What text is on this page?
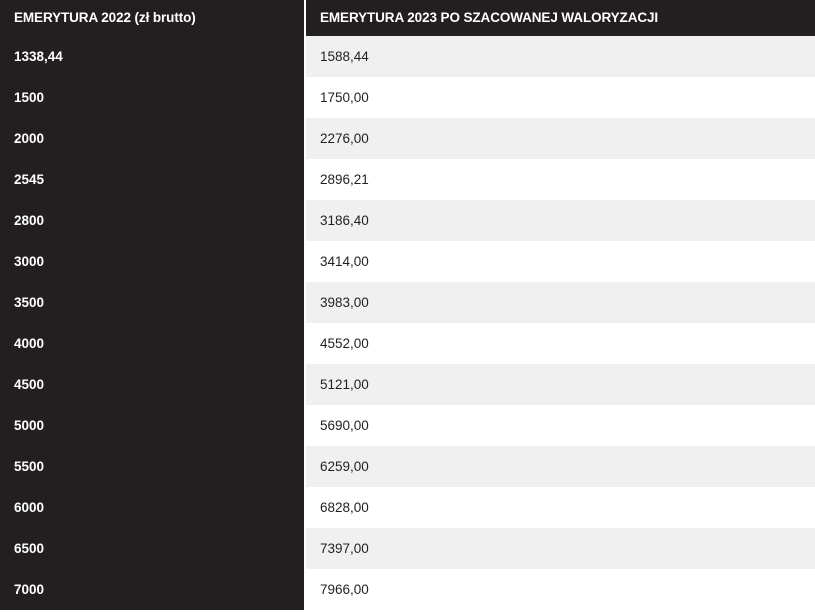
EMERYTURA 2022 (zł brutto)	EMERYTURA 2023 PO SZACOWANEJ WALORYZACJI
1338,44	1588,44
1500	1750,00
2000	2276,00
2545	2896,21
2800	3186,40
3000	3414,00
3500	3983,00
4000	4552,00
4500	5121,00
5000	5690,00
5500	6259,00
6000	6828,00
6500	7397,00
7000	7966,00
